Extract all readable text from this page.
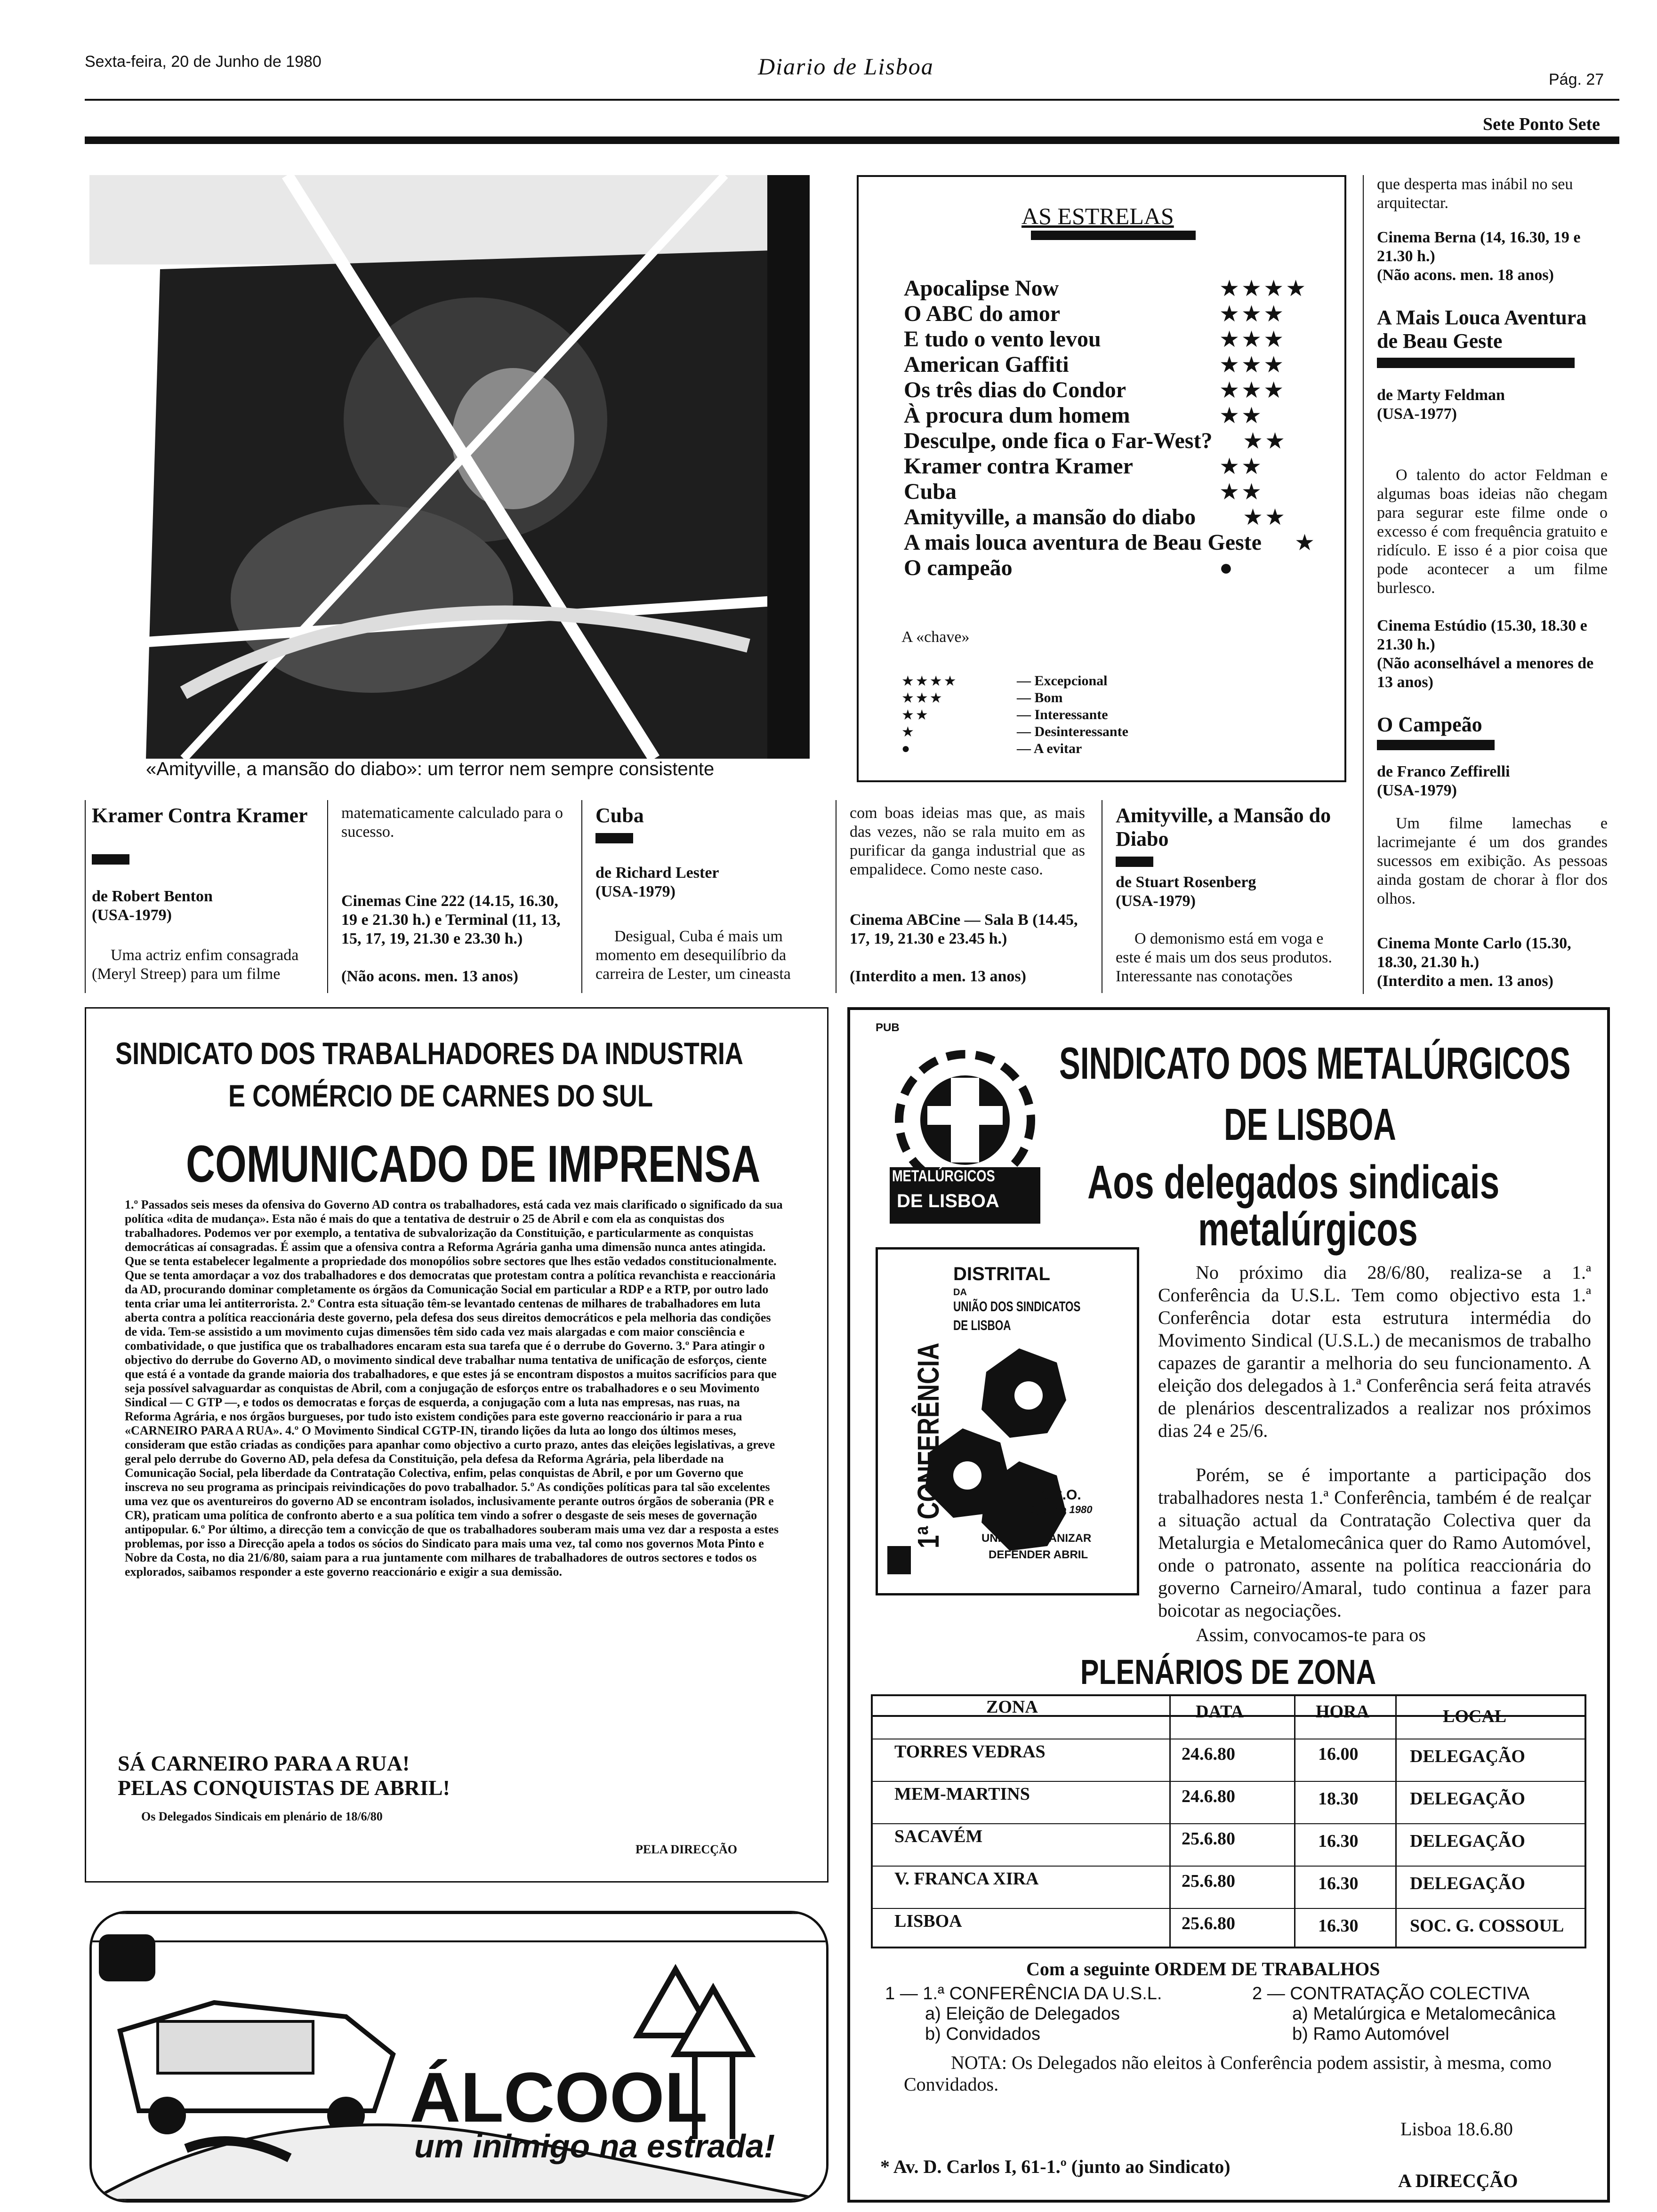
Sexta-feira, 20 de Junho de 1980	Diario de Lisboa	Pág. 27
Sete Ponto Sete
«Amityville, a mansão do diabo»: um terror nem sempre consistente
AS ESTRELAS
Apocalipse Now	★★★★
O ABC do amor	★★★
E tudo o vento levou	★★★
American Gaffiti	★★★
Os três dias do Condor	★★★
À procura dum homem	★★
Desculpe, onde fica o Far-West? ★★
Kramer contra Kramer	★★
Cuba	★★
Amityville, a mansão do diabo ★★
A mais louca aventura de Beau Geste ★
O campeão	●
A «chave»
★★★★	— Excepcional
★★★	— Bom
★★	— Interessante
★	— Desinteressante
●	— A evitar
que desperta mas inábil no seu arquitectar.
Cinema Berna (14, 16.30, 19 e 21.30 h.)
(Não acons. men. 18 anos)
A Mais Louca Aventura de Beau Geste
de Marty Feldman
(USA-1977)
O talento do actor Feldman e algumas boas ideias não chegam para segurar este filme onde o excesso é com frequência gratuito e ridículo. E isso é a pior coisa que pode acontecer a um filme burlesco.
Cinema Estúdio (15.30, 18.30 e 21.30 h.)
(Não aconselhável a menores de 13 anos)
O Campeão
de Franco Zeffirelli
(USA-1979)
Um filme lamechas e lacrimejante é um dos grandes sucessos em exibição. As pessoas ainda gostam de chorar à flor dos olhos.
Cinema Monte Carlo (15.30, 18.30, 21.30 h.)
(Interdito a men. 13 anos)
Kramer Contra Kramer
de Robert Benton
(USA-1979)
Uma actriz enfim consagrada (Meryl Streep) para um filme
matematicamente calculado para o sucesso.
Cinemas Cine 222 (14.15, 16.30, 19 e 21.30 h.) e Terminal (11, 13, 15, 17, 19, 21.30 e 23.30 h.)
(Não acons. men. 13 anos)
Cuba
de Richard Lester
(USA-1979)
Desigual, Cuba é mais um momento em desequilíbrio da carreira de Lester, um cineasta
com boas ideias mas que, as mais das vezes, não se rala muito em as purificar da ganga industrial que as empalidece. Como neste caso.
Cinema ABCine — Sala B (14.45, 17, 19, 21.30 e 23.45 h.)
(Interdito a men. 13 anos)
Amityville, a Mansão do Diabo
de Stuart Rosenberg
(USA-1979)
O demonismo está em voga e este é mais um dos seus produtos. Interessante nas conotações
SINDICATO DOS TRABALHADORES DA INDUSTRIA
E COMÉRCIO DE CARNES DO SUL
COMUNICADO DE IMPRENSA
1.º Passados seis meses da ofensiva do Governo AD contra os trabalhadores, está cada vez mais clarificado o significado da sua política «dita de mudança». Esta não é mais do que a tentativa de destruir o 25 de Abril e com ela as conquistas dos trabalhadores. Podemos ver por exemplo, a tentativa de subvalorização da Constituição, e particularmente as conquistas democráticas aí consagradas. É assim que a ofensiva contra a Reforma Agrária ganha uma dimensão nunca antes atingida. Que se tenta estabelecer legalmente a propriedade dos monopólios sobre sectores que lhes estão vedados constitucionalmente. Que se tenta amordaçar a voz dos trabalhadores e dos democratas que protestam contra a política revanchista e reaccionária da AD, procurando dominar completamente os órgãos da Comunicação Social em particular a RDP e a RTP, por outro lado tenta criar uma lei antiterrorista. 2.º Contra esta situação têm-se levantado centenas de milhares de trabalhadores em luta aberta contra a política reaccionária deste governo, pela defesa dos seus direitos democráticos e pela melhoria das condições de vida. Tem-se assistido a um movimento cujas dimensões têm sido cada vez mais alargadas e com maior consciência e combatividade, o que justifica que os trabalhadores encaram esta sua tarefa que é o derrube do Governo. 3.º Para atingir o objectivo do derrube do Governo AD, o movimento sindical deve trabalhar numa tentativa de unificação de esforços, ciente que está é a vontade da grande maioria dos trabalhadores, e que estes já se encontram dispostos a muitos sacrifícios para que seja possível salvaguardar as conquistas de Abril, com a conjugação de esforços entre os trabalhadores e o seu Movimento Sindical — C GTP —, e todos os democratas e forças de esquerda, a conjugação com a luta nas empresas, nas ruas, na Reforma Agrária, e nos órgãos burgueses, por tudo isto existem condições para este governo reaccionário ir para a rua «CARNEIRO PARA A RUA». 4.º O Movimento Sindical CGTP-IN, tirando lições da luta ao longo dos últimos meses, consideram que estão criadas as condições para apanhar como objectivo a curto prazo, antes das eleições legislativas, a greve geral pelo derrube do Governo AD, pela defesa da Constituição, pela defesa da Reforma Agrária, pela liberdade na Comunicação Social, pela liberdade da Contratação Colectiva, enfim, pelas conquistas de Abril, e por um Governo que inscreva no seu programa as principais reivindicações do povo trabalhador. 5.º As condições políticas para tal são excelentes uma vez que os aventureiros do governo AD se encontram isolados, inclusivamente perante outros órgãos de soberania (PR e CR), praticam uma política de confronto aberto e a sua política tem vindo a sofrer o desgaste de seis meses de governação antipopular. 6.º Por último, a direcção tem a convicção de que os trabalhadores souberam mais uma vez dar a resposta a estes problemas, por isso a Direcção apela a todos os sócios do Sindicato para mais uma vez, tal como nos governos Mota Pinto e Nobre da Costa, no dia 21/6/80, saiam para a rua juntamente com milhares de trabalhadores de outros sectores e todos os explorados, saibamos responder a este governo reaccionário e exigir a sua demissão.
SÁ CARNEIRO PARA A RUA!
PELAS CONQUISTAS DE ABRIL!
Os Delegados Sindicais em plenário de 18/6/80
PELA DIRECÇÃO
PUB
METALÚRGICOS
DE LISBOA
SINDICATO DOS METALÚRGICOS
DE LISBOA
Aos delegados sindicais
metalúrgicos
1ª CONFERÊNCIA
DISTRITAL
DA
UNIÃO DOS SINDICATOS
DE LISBOA
C.A.C.O.
28 junho 1980
UNIR E ORGANIZAR
DEFENDER ABRIL
No próximo dia 28/6/80, realiza-se a 1.ª Conferência da U.S.L. Tem como objectivo esta 1.ª Conferência dotar esta estrutura intermédia do Movimento Sindical (U.S.L.) de mecanismos de trabalho capazes de garantir a melhoria do seu funcionamento. A eleição dos delegados à 1.ª Conferência será feita através de plenários descentralizados a realizar nos próximos dias 24 e 25/6.
Porém, se é importante a participação dos trabalhadores nesta 1.ª Conferência, também é de realçar a situação actual da Contratação Colectiva quer da Metalurgia e Metalomecânica quer do Ramo Automóvel, onde o patronato, assente na política reaccionária do governo Carneiro/Amaral, tudo continua a fazer para boicotar as negociações.
Assim, convocamos-te para os
PLENÁRIOS DE ZONA
ZONA	DATA	HORA	LOCAL
TORRES VEDRAS	24.6.80	16.00	DELEGAÇÃO
MEM-MARTINS	24.6.80	18.30	DELEGAÇÃO
SACAVÉM	25.6.80	16.30	DELEGAÇÃO
V. FRANCA XIRA	25.6.80	16.30	DELEGAÇÃO
LISBOA	25.6.80	16.30	SOC. G. COSSOUL
Com a seguinte ORDEM DE TRABALHOS
1 — 1.ª CONFERÊNCIA DA U.S.L.
a) Eleição de Delegados
b) Convidados
2 — CONTRATAÇÃO COLECTIVA
a) Metalúrgica e Metalomecânica
b) Ramo Automóvel
NOTA: Os Delegados não eleitos à Conferência podem assistir, à mesma, como Convidados.
Lisboa 18.6.80
* Av. D. Carlos I, 61-1.º (junto ao Sindicato)
A DIRECÇÃO
ÁLCOOL
um inimigo na estrada!
